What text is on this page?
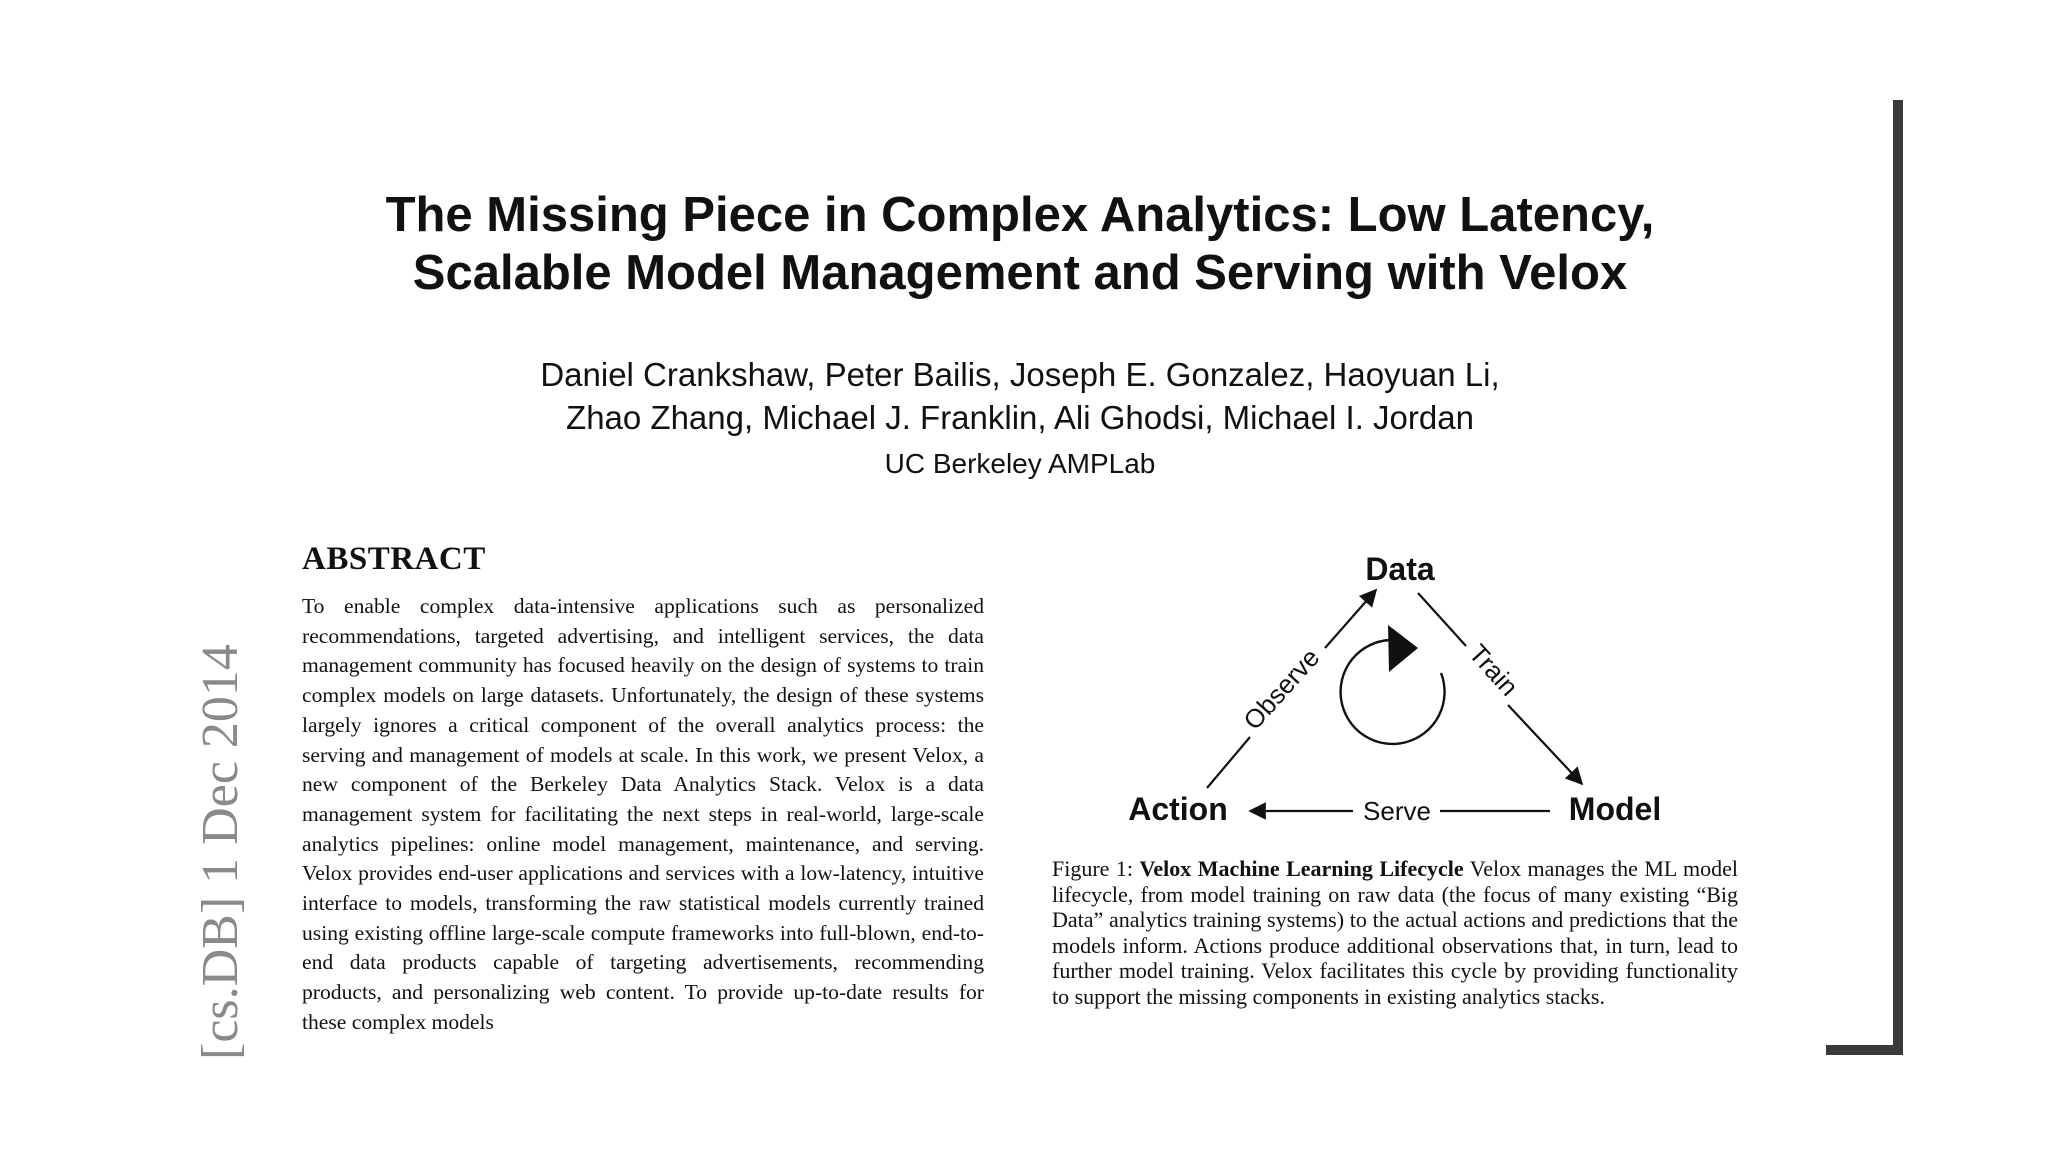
The Missing Piece in Complex Analytics: Low Latency,
Scalable Model Management and Serving with Velox
Daniel Crankshaw, Peter Bailis, Joseph E. Gonzalez, Haoyuan Li,
Zhao Zhang, Michael J. Franklin, Ali Ghodsi, Michael I. Jordan
UC Berkeley AMPLab
[cs.DB] 1 Dec 2014
ABSTRACT

To enable complex data-intensive applications such as personalized recommendations, targeted advertising, and intelligent services, the data management community has focused heavily on the design of systems to train complex models on large datasets. Unfortunately, the design of these systems largely ignores a critical component of the overall analytics process: the serving and management of models at scale. In this work, we present Velox, a new component of the Berkeley Data Analytics Stack. Velox is a data management system for facilitating the next steps in real-world, large-scale analytics pipelines: online model management, maintenance, and serving. Velox provides end-user applications and services with a low-latency, intuitive interface to models, transforming the raw statistical models currently trained using existing offline large-scale compute frameworks into full-blown, end-to-end data products capable of targeting advertisements, recommending products, and personalizing web content. To provide up-to-date results for these complex models

Data
Action	Model
Observe	Train
Serve
Figure 1: Velox Machine Learning Lifecycle Velox manages the ML model lifecycle, from model training on raw data (the focus of many existing “Big Data” analytics training systems) to the actual actions and predictions that the models inform. Actions produce additional observations that, in turn, lead to further model training. Velox facilitates this cycle by providing functionality to support the missing components in existing analytics stacks.
